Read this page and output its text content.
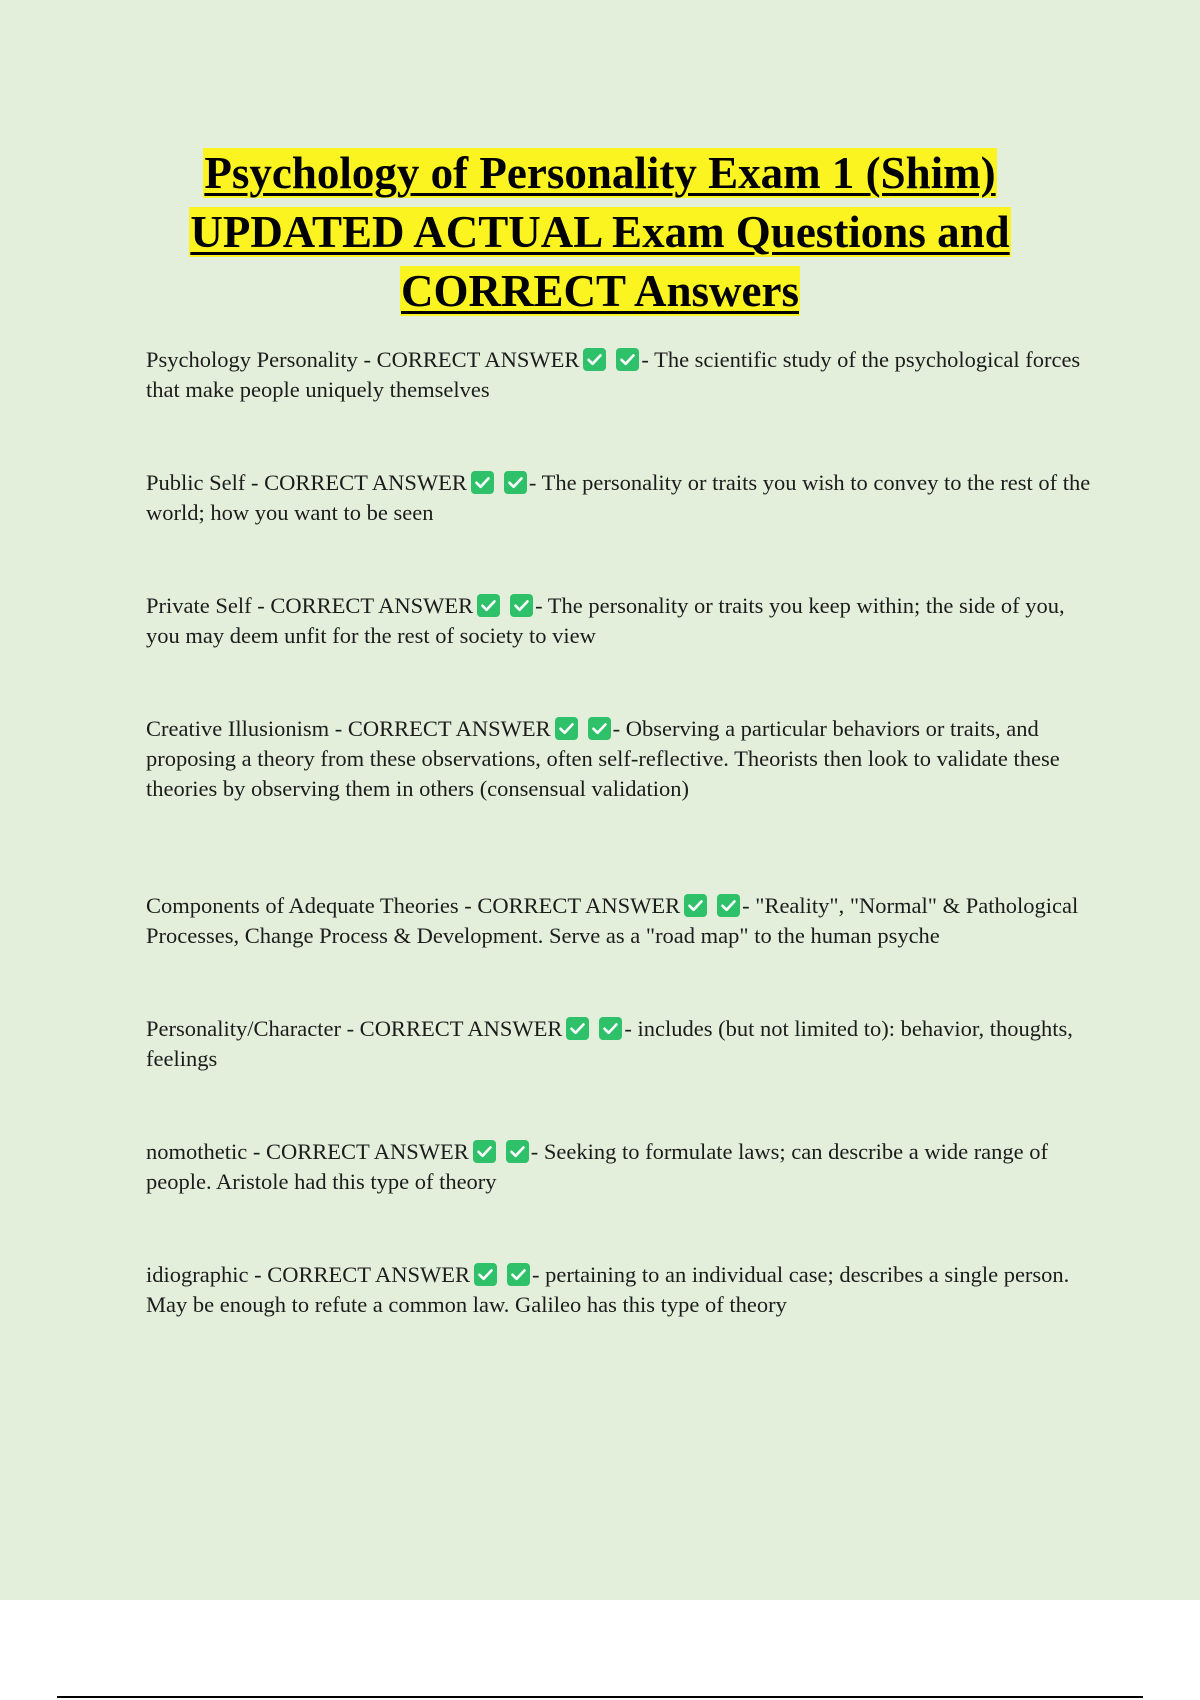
Psychology of Personality Exam 1 (Shim)
UPDATED ACTUAL Exam Questions and
CORRECT Answers

Psychology Personality - CORRECT ANSWER	- The scientific study of the psychological forces that make people uniquely themselves

Public Self - CORRECT ANSWER	- The personality or traits you wish to convey to the rest of the world; how you want to be seen

Private Self - CORRECT ANSWER	- The personality or traits you keep within; the side of you, you may deem unfit for the rest of society to view

Creative Illusionism - CORRECT ANSWER	- Observing a particular behaviors or traits, and proposing a theory from these observations, often self-reflective. Theorists then look to validate these theories by observing them in others (consensual validation)

Components of Adequate Theories - CORRECT ANSWER	- "Reality", "Normal" & Pathological Processes, Change Process & Development. Serve as a "road map" to the human psyche

Personality/Character - CORRECT ANSWER	- includes (but not limited to): behavior, thoughts, feelings

nomothetic - CORRECT ANSWER	- Seeking to formulate laws; can describe a wide range of people. Aristole had this type of theory

idiographic - CORRECT ANSWER	- pertaining to an individual case; describes a single person. May be enough to refute a common law. Galileo has this type of theory
